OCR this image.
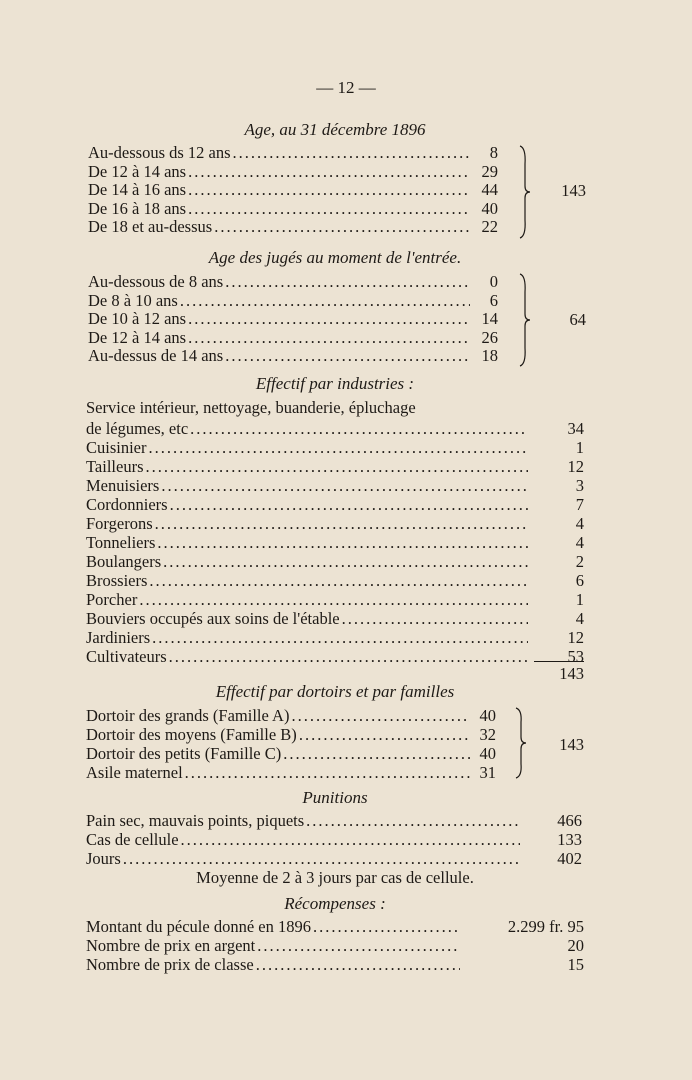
— 12 —
Age, au 31 décembre 1896
Au-dessous ds 12 ans .....	8
De 12 à 14 ans .....	29
De 14 à 16 ans .....	44
De 16 à 18 ans .....	40
De 18 et au-dessus .....	22
143
Age des jugés au moment de l'entrée.
Au-dessous de 8 ans .....	0
De 8 à 10 ans .....	6
De 10 à 12 ans .....	14
De 12 à 14 ans .....	26
Au-dessus de 14 ans .....	18
64
Effectif par industries :
Service intérieur, nettoyage, buanderie, épluchage
de légumes, etc .....	34
Cuisinier .....	1
Tailleurs .....	12
Menuisiers .....	3
Cordonniers .....	7
Forgerons .....	4
Tonneliers .....	4
Boulangers .....	2
Brossiers .....	6
Porcher .....	1
Bouviers occupés aux soins de l'étable .....	4
Jardiniers .....	12
Cultivateurs .....	53
143
Effectif par dortoirs et par familles
Dortoir des grands (Famille A) .....	40
Dortoir des moyens (Famille B) .....	32
Dortoir des petits (Famille C) .....	40
Asile maternel .....	31
143
Punitions
Pain sec, mauvais points, piquets .....	466
Cas de cellule .....	133
Jours .....	402
Moyenne de 2 à 3 jours par cas de cellule.
Récompenses :
Montant du pécule donné en 1896 .....	2.299 fr. 95
Nombre de prix en argent .....	20
Nombre de prix de classe .....	15
